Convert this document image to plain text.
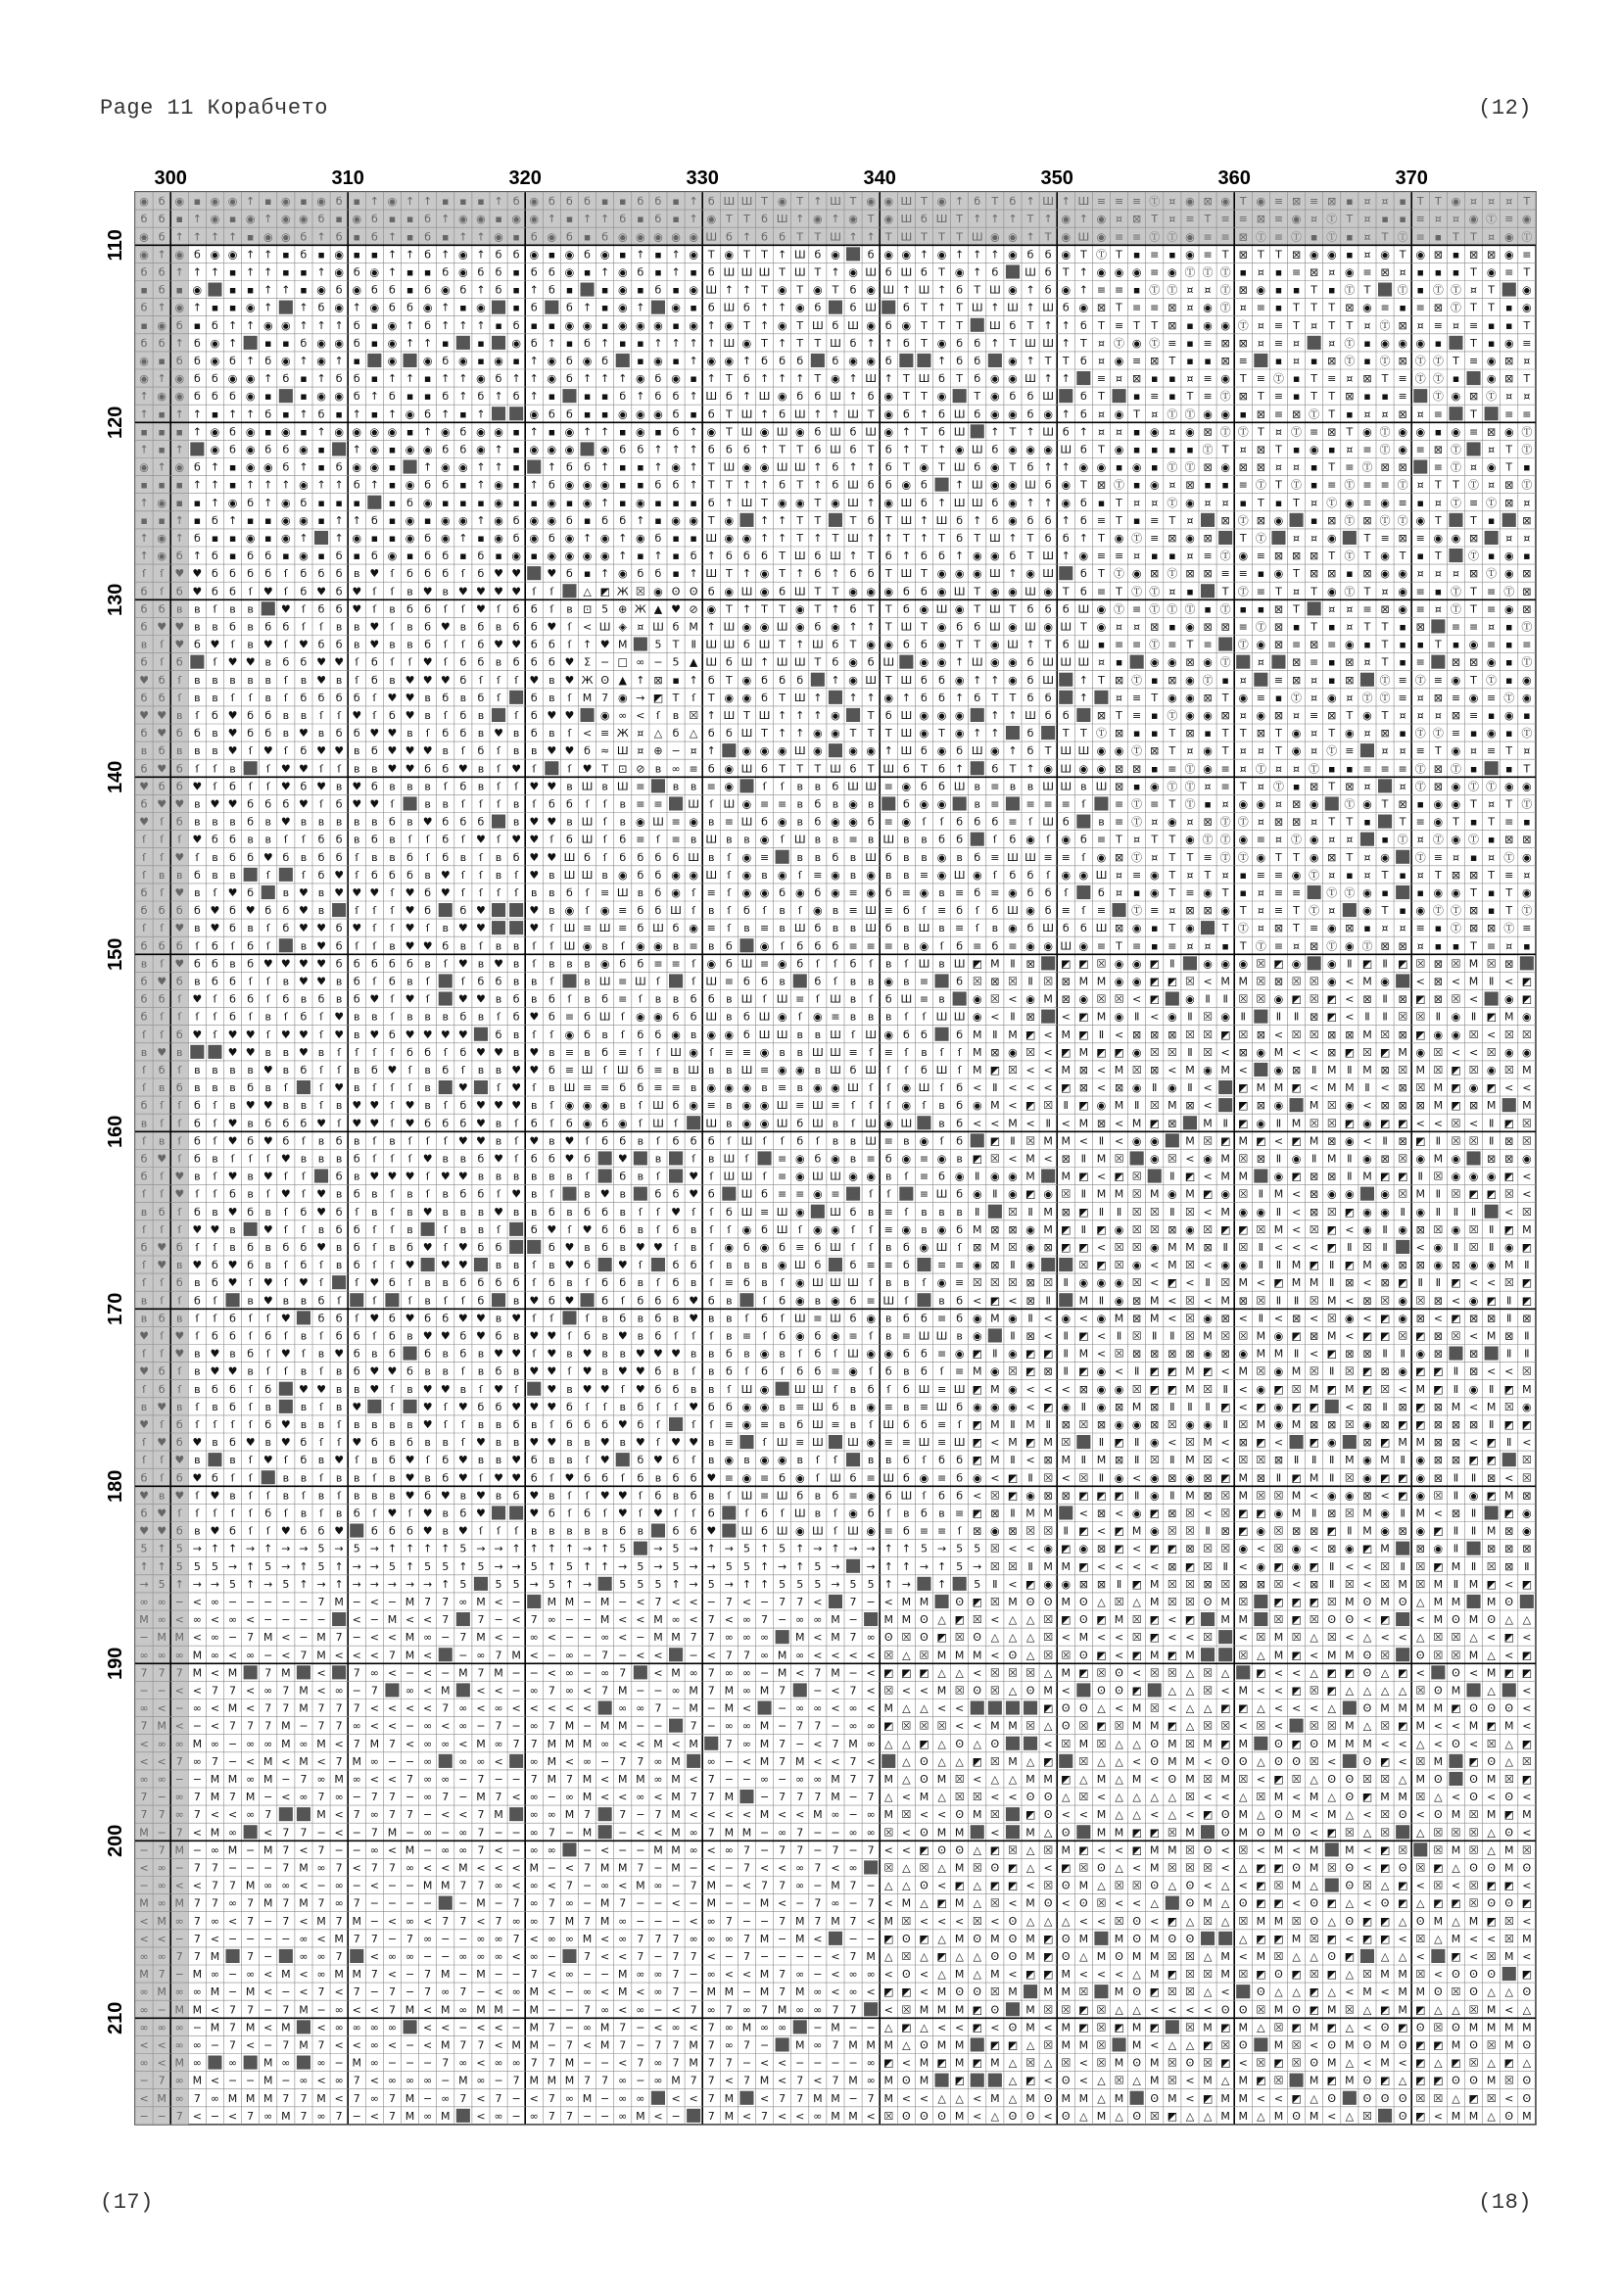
Page 11 Корабчето	(12)
◉ б ◉ ▪ ◉ ◉ ↑ ▪ ◉ ▪ ◉ б ▪ ↑ ◉ ↑ ↑ ▪ ▪ ▪ ↑ б ◉ б б б ▪ ▪ б б ▪ ↑ б Ш Ш Т ◉ Т ↑ Ш Т ◉ ◉ Ш Т ◉ ↑ б Т б ↑ Ш ↑ Ш ≡ ≡ ≡ Ⓣ ¤ ◉ ⊠ ◉ Т ◉ ≡ ⊠ ≡ ⊠ ▪ ¤ ¤ ▪ Т Т ◉ ¤ ¤ ¤ Т
б б ▪ ↑ ◉ ▪ ◉ ↑ ◉ ◉ б ▪ ◉ б ▪ ▪ б ↑ ◉ ◉ ▪ ◉ ◉ ↑ ▪ ↑ ↑ б ▪ б ▪ ↑ ◉ Т Т б Ш ↑ ◉ ↑ ◉ Т ◉ Ш б Ш Т ↑ ↑ ↑ Т ↑ ◉ ↑ ◉ ¤ ⊠ Т ¤ ≡ Т ≡ ≡ ⊠ ≡ ◉ ¤ Ⓣ Т ¤ ▪ ▪ ≡ ¤ ¤ ◉ Ⓣ ≡ ◉
◉ б ↑ ↑ ↑ ↑ ▪ ◉ ◉ б ↑ б ▪ б ↑ ▪ б ▪ ↑ ↑ ◉ ▪ б ◉ б ▪ б ◉ ◉ ◉ ◉ ◉ Ш б ↑ б б Т Т Ш ↑ ↑ Т Ш Т Т Т Ш ◉ ◉ ↑ Т ◉ Ш ◉ ≡ ≡ Ⓣ Ⓣ ◉ ≡ ≡ ⊠ Ⓣ ≡ Ⓣ ▪ Ⓣ ▪ ¤ Т Ⓣ ≡ ▪ Т Т ¤ ◉ Ⓣ
◉ ↑ ◉ б ◉ ◉ ↑ ↑ ▪ б ▪ ◉ ▪ ▪ ↑ ↑ б ↑ ◉ ↑ б б ◉ ▪ ◉ б ◉ ▪ ↑ ▪ ↑ ◉ Т ◉ Т Т ↑ Ш б ◉	б ◉ ◉ ↑ ◉ ↑ ↑ ↑ ◉ б б ◉ Т Ⓣ Т ▪ ≡ ▪ ◉ ≡ Т ⊠ Т Т ⊠ ◉ ◉ ▪ ¤ ◉ Т ◉ ⊠ ▪ ⊠ ⊠ ◉ ≡
б б ↑ ↑ ↑ ▪ ↑ ↑ ▪ ▪ ↑ ◉ б ◉ ↑ ▪ ▪ б ◉ б б ▪ б б ◉ ▪ ↑ ◉ б ▪ ↑ ▪ б Ш Ш Ш Т Ш Т ↑ ◉ Ш б Ш б Т ◉ ↑ б Ш б Т ↑ ◉ ◉ ◉ ≡ ◉ Ⓣ Ⓣ Ⓣ ▪ ¤ ▪ ≡ ⊠ ¤ ◉ ≡ ⊠ ¤ ▪ ▪ ▪ Т ◉ ≡ Т
▪ б ▪ ◉	▪ ▪ ↑ ↑ ▪ ◉ б ◉ б б ▪ б ◉ б ↑ б ▪ ↑ б ▪	▪ ◉ ▪ б ▪ ◉ Ш ↑ ↑ Т ◉ Т ◉ Т б ◉ Ш ↑ Ш ↑ б Т Ш ◉ ↑ б ◉ ↑ ≡ ≡ ▪ Ⓣ Ⓣ ¤ ¤ Ⓣ ⊠ ◉ ▪ ▪ Т ▪ Ⓣ Т Ⓣ ▪ Ⓣ Ⓣ ¤ Т	◉
б ↑ ◉ ↑ ▪ ▪ ◉ ↑ ↑ б ◉ ↑ ◉ б б ◉ ↑ ▪ ◉	▪ б	б ↑ ▪ ◉ ↑ ◉ ▪ б Ш б ↑ ↑ ◉ б	б Ш б Т ↑ Т Ш ↑ Ш ↑ Ш б ◉ ⊠ Т ≡ ≡ ⊠ ¤ ◉ Ⓣ ¤ ≡ ▪ Т Т Т ⊠ ◉ ≡ ▪ ≡ ⊠ Ⓣ Т Т ▪ ◉
▪ ◉ б ▪ б ↑ ↑ ◉ ◉ ↑ ↑ ↑ б ▪ ◉ ↑ б ↑ ↑ ↑ ▪ б ▪ ▪ ◉ ◉ ▪ ◉ ◉ ◉ ▪ ◉ ↑ ◉ Т ↑ ◉ Т Ш б Ш ◉ б ◉ Т Т Т Ш б Т ↑ ↑ б Т ≡ Т Т ⊠ ▪ ◉ ◉ Ⓣ ¤ ≡ Т ¤ Т Т ¤ Ⓣ ⊠ ¤ ≡ ¤ ≡ ▪ ▪ Т
б б ↑ б ◉ ↑	▪ ▪ б ◉ ◉ б ▪ ◉ ↑ ↑ ▪	▪	◉ б ↑ ▪ б ↑ ▪ ▪ ↑ ↑ ↑ ↑ Ш ◉ Т ↑ Т Т Ш б ↑ ↑ б Т ◉ б б ↑ Т Ш Ш ↑ Т ¤ Ⓣ ◉ Ⓣ ≡ ▪ ≡ ⊠ ⊠ ¤ ≡ ¤	¤ Ⓣ ▪ ◉ ◉ ◉ ▪	Т ▪ ◉ ≡
◉ ▪ б б ◉ б ↑ б ◉ ↑ ◉ ↑ ▪	◉ ◉ б ◉ ▪ ◉ ▪ ↑ ◉ б ◉ б	▪ ◉ ▪ ↑ ◉ ◉ ↑ б б б	б ◉ ◉ б	↑ б б	◉ ↑ Т Т б ¤ ◉ ≡ ⊠ Т ▪ ▪ ⊠ ≡	▪ ¤ ▪ ⊠ Ⓣ ▪ Ⓣ ⊠ Ⓣ Ⓣ Т ≡ ◉ ⊠ ¤
◉ ↑ ◉ б б ◉ ◉ ↑ б ▪ ↑ б б ▪ ↑ ↑ ▪ ↑ ↑ ◉ б ↑ ↑ ◉ б ↑ ↑ ↑ ◉ б ◉ ▪ ↑ Т б ↑ ↑ ↑ Т ◉ ↑ Ш ↑ Т Ш б Т б ◉ ◉ Ш ↑ ↑ ≡ ¤ ⊠ ▪ ▪ ¤ ≡ ◉ Т ≡ Ⓣ ▪ Т ≡ ¤ ⊠ Т ≡ Ⓣ Ⓣ ▪	◉ ⊠ Т
↑ ◉ ◉ б б б ◉ ▪	▪ ◉ ◉ б ↑ б ▪ ▪ б ↑ б ↑ б ↑ ▪	▪ ▪ б ↑ б б ↑ Ш б ↑ Ш ◉ б б Ш ↑ б ◉ Т Т ◉	Т ◉ б б Ш б Т	▪ ≡ ▪ Т ≡ Ⓣ ⊠ Т ≡ ▪ Т Т ⊠ ▪ ▪ ≡ Ⓣ ◉ ⊠ Ⓣ ¤ ¤
↑ ▪ ↑ ↑ ▪ ↑ ↑ б ▪ ↑ б ▪ ↑ ▪ ↑ ◉ б ↑ ▪ ↑	◉ б б ▪ ▪ ◉ ◉ ◉ б ▪ б Т Ш ↑ б Ш ↑ ↑ Ш Т ◉ б ↑ б Ш б ◉ ◉ б ◉ ↑ б ¤ ◉ Т ¤ Ⓣ Ⓣ ◉ ◉ ▪ ⊠ ≡ ⊠ Ⓣ Т ▪ ¤ ¤ ⊠ ¤ ≡	Т	≡ ≡
▪ ▪ ▪ ↑ ◉ б ◉ ▪ ◉ ▪ ↑ ◉ ◉ ◉ ◉ ▪ ↑ ◉ б ◉ ◉ ▪ ↑ ▪ ◉ ↑ ↑ ▪ ◉ ▪ б ↑ ◉ Т Ш ◉ Ш ◉ б Ш б Ш ◉ ↑ Т б Ш ↑ Т ↑ Ш б ↑ ¤ ¤ ▪ ◉ ¤ ◉ ⊠ Ⓣ Ⓣ Т ¤ Ⓣ ≡ ⊠ Т ◉ Ⓣ ◉ ◉ ▪ ◉ ≡ ⊠ ◉ Ⓣ
↑ ▪ ↑ ◉ б ◉ б б ◉ ▪	↑ ◉ ▪ ◉ ◉ б б ◉ ↑ ▪ ◉ ◉ ◉ ◉ б б ↑ ↑ ↑ б б б ↑ Т Т б Ш б Т б ↑ Т ↑ ◉ Ш б ◉ ◉ ◉ Ш б Т ◉ ▪ ▪ ▪ ▪ Ⓣ Т ¤ ⊠ Т ▪ ◉ ▪ ¤ ≡ Ⓣ ◉ ≡ ⊠ Ⓣ ¤ Т Ⓣ
◉ ↑ ◉ б ↑ ▪ ◉ ◉ б ↑ ▪ б ◉ ◉ ▪	↑ ◉ ◉ ↑ ↑ ▪	↑ б б ↑ ▪ ▪ ↑ ◉ ↑ Т Ш ◉ ◉ Ш Ш ↑ б ↑ ↑ б Т ◉ Т Ш б ◉ Т б ↑ ↑ ◉ ◉ ▪ ◉ ▪ Ⓣ Ⓣ ⊠ ◉ ⊠ ⊠ ¤ ¤ ▪ Т ≡ Ⓣ ⊠ ⊠ ≡ Ⓣ ¤ ◉ Т ▪
▪ ▪ ▪ ↑ ↑ ▪ ↑ ↑ ↑ ◉ ↑ ↑ б ↑ ▪ ◉ б б ▪ ↑ ◉ ▪ ↑ б ◉ ◉ ◉ ▪ ▪ б б ↑ Т Т ↑ ↑ б Т ↑ б Ш б б ◉ б	↑ Ш ◉ ◉ Ш б ◉ Т ⊠ Ⓣ ▪ ◉ ¤ ⊠ ▪ ▪ ≡ Ⓣ Т Ⓣ ▪ ≡ Ⓣ ≡ ≡ Ⓣ ¤ Т Т Ⓣ ¤ ⊠ Ⓣ
↑ ◉ ▪ ▪ ↑ ◉ б ↑ ◉ б ▪ ▪ ▪	▪ б ◉ ▪ ▪ ▪ ◉ ▪ ▪ ◉ ▪ ◉ ↑ ▪ ◉ ▪ ▪ ▪ б ↑ Ш Т ◉ ◉ Т ◉ Ш ↑ ◉ Ш б ↑ Ш Ш б ◉ ↑ ↑ ◉ б ▪ Т ¤ ¤ Ⓣ ◉ ¤ ¤ ▪ Т ▪ Т ¤ Ⓣ ◉ ≡ ◉ ≡ ▪ ¤ Ⓣ ≡ Ⓣ ⊠ ¤
▪ ▪ ↑ ▪ б ↑ ▪ ▪ ◉ ◉ ▪ ↑ ↑ б ▪ ◉ ▪ ◉ ◉ ↑ ◉ б ◉ ◉ б ▪ б б ↑ ▪ ◉ ◉ Т ◉ ↑ ↑ Т Т	Т б Т Ш ↑ Ш б ↑ б ◉ б б ↑ б ≡ Т ▪ ≡ Т ¤	⊠ Ⓣ ⊠ ◉	▪ ⊠ Ⓣ ⊠ Ⓣ Ⓣ ◉ Т	Т ▪	⊠
↑ ◉ ↑ б ▪ ▪ ◉ ▪ ◉ ↑ ↑ ◉ ▪ ▪ ◉ б ◉ ↑ ▪ ◉ б ◉ б ◉ ↑ ◉ ↑ ◉ б ▪ ▪ Ш ◉ ◉ ↑ ↑ Т ↑ Т Ш ↑ ↑ Т ↑ Т б Т Ш ↑ Т б б ↑ Т ◉ Ⓣ ≡ ⊠ ◉ ⊠	Т Ⓣ ¤ ¤ ◉	Т ≡ ⊠ ≡ ◉ ◉ ⊠	¤ ¤
↑ ◉ б ↑ б ▪ б б ▪ ◉ ▪ б ▪ б ◉ ▪ б б ▪ б ▪ ◉ ▪ ◉ ◉ ◉ ◉ ↑ ▪ ↑ ▪ б ↑ б б б Т Ш б Ш ↑ Т б ↑ б б ↑ ◉ ◉ б Т Ш ↑ ◉ ≡ ≡ ¤ ▪ ▪ ¤ ≡ Ⓣ ◉ ≡ ⊠ ⊠ ⊠ Т Ⓣ Т ◉ Т ▪ Т Ⓣ ▪ ◉ ▪
ſ ſ ♥ ♥ б б б б ſ б б б в ♥ ſ б б б ſ б ♥ ♥ ♥ б ▪ ↑ ◉ б б ▪ ↑ Ш Т ↑ ◉ Т ↑ б ↑ б б Т Ш Т ◉ ◉ ◉ Ш ↑ ◉ Ш б Т Ⓣ ◉ ⊠ Ⓣ ⊠ ⊠ ≡ ≡ ▪ ◉ Т ⊠ ⊠ ▪ ⊠ ◉ ◉ ¤ ¤ ¤ ⊠ Ⓣ ◉ ⊠
б ſ б ♥ б б ſ ♥ ſ б ♥ б ♥ ſ ſ в ♥ в ♥ ♥ ♥ ♥ ſ ſ	△ ◩ Ж ☒ ◉ Ꙩ Ꙩ б ◉ Ш ◉ б Ш Т Т ◉ ◉ ◉ б б ◉ Ш Т ◉ ◉ Ш ◉ Т б ≡ Т Ⓣ Ⓣ ¤ ▪	Т Ⓣ ≡ Т ¤ Т ◉ Ⓣ Т ¤ ◉ ≡ ▪ Ⓣ Т ≡ Ⓣ ⊠
б б в в ſ в в	♥ ſ б б ♥ ſ в б б ſ ſ ♥ ſ б б ſ в ⊡ 5 ⊕ Ж ▲ ♥ ⊘ ◉ Т ↑ Т Т ◉ Т ↑ б Т Т б ◉ Ш ◉ Т Ш Т б б б Ш ◉ Ⓣ ≡ Ⓣ Ⓣ Ⓣ ▪ Ⓣ ▪ ▪ ⊠ Т	¤ ¤ ≡ ⊠ ◉ ≡ ¤ Ⓣ Т ≡ ◉ ⊠
б ♥ ♥ в в б в б б ſ ſ в в ♥ ſ в б ♥ в б в б б ♥ ſ < Ш ◈ ¤ Ш б M ↑ Ш ◉ ◉ Ш ◉ б ◉ ↑ ↑ Т Ш Т ◉ б б Ш ◉ Ш ◉ Ш Т ◉ ¤ ¤ ⊠ ▪ ◉ ⊠ ⊠ ≡ Ⓣ ⊠ ▪ Т ▪ ¤ Т Т ▪ ⊠ ≡ ≡ ¤ ▪ Ⓣ
в ſ ♥ б ♥ ſ в ♥ ſ ♥ б б в ♥ в в б ſ ſ б ♥ ♥ б б ſ ↑ ♥ M	5 Т Ⅱ Ш Ш б Ш Т ↑ Ш б Т ◉ ◉ б б ◉ Т Т ◉ Ш ↑ Т б Ш ▪ ≡ ≡ Ⓣ ≡ Т ≡ Ⓣ ◉ ⊠ ≡ ⊠ ≡ ◉ ▪ Т ▪ ▪ Т ▪ ◉ ≡ ▪ ≡
б ſ б	ſ ♥ ♥ в б б ♥ ♥ ſ б ſ ſ ♥ ſ б б в б б б ♥ Σ − □ ∞ − 5 ▲ Ш б Ш ↑ Ш Ш Т б ◉ б Ш ◉ ◉ ↑ Ш ◉ ◉ б Ш Ш Ш ¤ ▪	◉ ◉ ⊠ ◉ Ⓣ ¤	⊠ ≡ ▪ ⊠ ¤ Т ▪ ≡ ⊠ ⊠ ◉ ▪ Ⓣ
♥ б ſ в в в в в ſ в ♥ в ſ б в ♥ ♥ ♥ б ſ ſ ſ ♥ в ♥ Ж Ꙩ ▲ ↑ ⊠ ▪ ↑ б Т ◉ б б б	↑ ◉ Ш Т Ш б б ◉ ↑ ↑ ◉ б Ш ↑ Т ⊠ Ⓣ ▪ ⊠ ◉ Ⓣ ▪ ¤	≡ ⊠ ¤ ▪ ⊠ Ⓣ ≡ Ⓣ ≡ ◉ Т Ⓣ ▪ ◉
б б ſ в в ſ ſ в ſ б б б б ſ ♥ ♥ в б в б ſ	б в ſ M 7 ◉ → ◩ Т ſ Т ◉ ◉ б Т Ш ↑ ↑ ↑ ◉ ↑ б б ↑ б Т Т б б	↑	¤ ≡ Т ◉ ◉ ⊠ Т ◉ ≡ ▪ Ⓣ ¤ ◉ ¤ Ⓣ Ⓣ ≡ ¤ ⊠ ≡ ◉ ≡ Ⓣ ◉
♥ ♥ в ſ б ♥ б б в в ſ ſ ♥ ſ б ♥ в ſ б в	ſ б ♥ ♥ ◉ ∞ < ſ в ☒ ↑ Ш Т Ш ↑ ↑ ↑ ◉	Т б Ш ◉ ◉ ◉ ↑ ↑ Ш б б	⊠ Т ≡ ▪ Ⓣ ◉ ◉ ⊠ ¤ ◉ ⊠ ¤ ≡ ⊠ Т ◉ Т ¤ ¤ ¤ ⊠ ≡ ▪ ◉ ▪
б ♥ б б в ♥ б б в ♥ в б б ♥ ♥ в ſ б б в ♥ в б в ſ < ≡ Ж ¤ △ б △ б б Ш Т ↑ ↑ ◉ ◉ Т Т Т Ш ◉ Т ◉ ↑ ↑	б	Т Т Ⓣ ⊠ ▪ ▪ Т ⊠ ▪ Т Т ⊠ Т ◉ ¤ Т ◉ ¤ ⊠ ▪ Ⓣ Ⓣ ≡ ▪ ◉ ▪ Ⓣ
в б в в в ♥ ſ ♥ ſ б ♥ ♥ в б ♥ ♥ ♥ в ſ б ſ в в ♥ ♥ б ≈ Ш ¤ ⊕ − ¤ ↑ ◉ ◉ ◉ Ш ◉ ◉ ◉ ↑ Ш б ◉ б Ш ◉ ↑ б Т Ш Ш ◉ ◉ Ⓣ ⊠ Т ¤ ◉ Т ¤ ¤ Т ◉ ¤ Ⓣ ≡	¤ ¤ ≡ Т ◉ ¤ ≡ Т ¤
б ♥ б ſ ſ в	ſ ♥ ♥ ſ ſ в в ♥ ♥ б б ♥ в ſ ♥ ſ	ſ ♥ Т ⊡ ⊘ в ∞ ≡ б ◉ Ш б Т Т Т Ш б Т Ш б Т б ↑	б Т ↑ ◉ Ш ◉ ◉ ⊠ ⊠ ▪ ≡ Ⓣ ◉ ≡ ¤ Ⓣ ¤ ¤ Ⓣ ▪ ▪ ≡ ≡ ≡ Ⓣ ⊠ Ⓣ ▪	▪ Т
♥ б б ♥ ſ б ſ ſ ♥ б ♥ в ♥ б в в в ſ б в ſ ſ ♥ ♥ в Ш в Ш ≡	в в ≡ ◉	ſ ſ в в б Ш Ш ≡ ◉ б б Ш в ≡ в в Ш Ш в Ш ⊠ ▪ ◉ Ⓣ Ⓣ ¤ ≡ Т ¤ Ⓣ ▪ ⊠ Т ⊠ ¤	¤ Ⓣ ⊠ ◉ Ⓣ Ⓣ ◉ ◉
б ♥ ♥ в ♥ ♥ б б б ♥ ſ б ♥ ♥ ſ	в в ſ ſ ſ в ſ б б ſ ſ в ≡ ≡ Ш ſ Ш ◉ ≡ ≡ в б в ◉ в	б ◉ ◉	в ≡ ≡ ≡ ≡ ſ	≡ Ⓣ ≡ Т Ⓣ ▪ ¤ ◉ ◉ ¤ ⊠ ◉ Ⓣ ◉ Т ⊠ ▪ ◉ ◉ Т ¤ Т Ⓣ
♥ ſ б в в в б в ♥ в в в в в б в ♥ б б б	в ♥ ♥ в Ш ſ в ◉ Ш ≡ ◉ в ≡ Ш б ◉ в б ◉ ◉ б ≡ ◉ ſ ſ б б б ≡ ſ Ш б	в ≡ Ⓣ ¤ ◉ ¤ ⊠ Ⓣ Ⓣ ¤ ⊠ ⊠ ¤ Т Т ▪	Т ≡ ◉ Т ▪ Т ≡ ▪
ſ ſ ſ ♥ б б в в ſ ſ б б в б в ſ ſ б ſ ♥ ſ ♥ ♥ ſ б Ш ſ б ≡ ſ ≡ в Ш в в ◉ ſ Ш в в ≡ в Ш в в б б	ſ б ◉ ſ ◉ б ≡ Т ¤ Т Т ◉ Ⓣ Ⓣ ◉ ≡ ¤ Ⓣ ◉ ¤ ¤	▪ Ⓣ ¤ Ⓣ ◉ Ⓣ ▪ ⊠ ⊠
ſ ſ ♥ ſ в б б ♥ б в б б ſ в в б ſ б в ſ в б ♥ ♥ Ш б ſ б б б б Ш в ſ ◉ ≡	в в б в Ш б в в ◉ в б ≡ Ш Ш ≡ ≡ ſ ◉ ⊠ Ⓣ ¤ Т Т ≡ Ⓣ Ⓣ ◉ Т Т ◉ ⊠ Т ¤ ◉ Ⓣ ≡ ¤ ▪ ¤ Ⓣ ◉
ſ в в б в в	ſ	ſ б ♥ ſ б б б в ♥ ſ ſ в ſ ♥ в Ш Ш в ◉ б б ◉ ◉ Ш ſ ◉ в ◉ ſ ≡ ◉ в ◉ в в ≡ ◉ Ш ◉ ſ б б ſ ◉ ◉ Ш ¤ ≡ ◉ Т ¤ Т ¤ ▪ ≡ ≡ ◉ Ⓣ ¤ ▪ ¤ Т ▪ ¤ Т ⊠ ⊠ Т ≡ ¤
б ſ ♥ в ſ ♥ б	в ♥ в ♥ ♥ ♥ ſ ♥ б ♥ ſ ſ ſ ſ в в б ſ ≡ Ш в б ◉ ſ ≡ ſ ◉ ◉ б ◉ б ◉ ≡ ◉ б ≡ ◉ в ≡ б ≡ ◉ б б ſ	б ¤ ▪ ◉ Т ≡ ◉ Т ▪ ¤ ≡ ≡ Ⓣ Ⓣ ◉ ▪	▪ ◉ ◉ Т ▪ Т ◉
б б б б ♥ б ♥ б б ♥ в	ſ ſ ſ ♥ б	б ♥	♥ в ◉ ſ ◉ ≡ б б Ш ſ в ſ б ſ в ſ ◉ в ≡ Ш ≡ б ſ ≡ б ſ б Ш ◉ б ≡ ſ ≡ Ⓣ ≡ ¤ ⊠ ⊠ ◉ Т ¤ ≡ Т Ⓣ ¤	◉ Т ▪ ◉ Ⓣ Ⓣ ⊠ ▪ Т Ⓣ
ſ ſ ♥ в ♥ б в ſ б ♥ ♥ б ♥ ſ ſ ♥ ſ в ♥ ♥	♥ ſ Ш ≡ Ш ≡ б Ш б ◉ ≡ ſ в ≡ в Ш б в в Ш б в Ш в ≡ ſ в ◉ б Ш б б Ш ⊠ ◉ ▪ Т ◉	Т Ⓣ ¤ ⊠ Т ≡ ◉ ⊠ ▪ ¤ ¤ ≡ ▪ Ⓣ ⊠ ⊠ Ⓣ ≡
б б б ſ б ſ б ſ	в ♥ б ſ ſ в ♥ ♥ б в ſ в в ſ ſ Ш ◉ в ſ ◉ ◉ в ≡ в б	◉ ſ б б б ≡ ≡ ≡ в ◉ ſ б ≡ б ≡ ◉ ◉ Ш ◉ ≡ Т ≡ ▪ ≡ ¤ ¤ ▪ Т Ⓣ ≡ ¤ ⊠ Ⓣ ◉ Ⓣ ⊠ ⊠ ¤ ▪ ▪ Т ≡ ¤ ▪
в ſ ♥ б б в б ♥ ♥ ♥ ♥ б б б б б в ſ ♥ в ♥ в ſ в в в ◉ б б ≡ ≡ ſ ◉ б Ш ≡ ◉ б ſ ſ б ſ в ſ Ш в Ш ◩ M Ⅱ ⊠ ◩ ◩ ☒ ◉ ◉ ◩ Ⅱ	◉ ◉ ◉ ☒ ◩ ◉ ◉ Ⅱ ◩ Ⅱ ◩ ☒ ⊠ ☒ M ☒ ⊠
б ♥ б в б б ſ ſ в ♥ ♥ в б ſ б в ſ	ſ б б в в ſ	в Ш ≡ Ш ſ	ſ Ш ≡ б б в	б ſ в в ◉ в ≡	б ☒ ⊠ ☒ Ⅱ ☒ ⊠ M M ◉ ◉ ◩ ◩ ☒ < M M ☒ ⊠ ☒ ☒ ◉ < M ◉ < ⊠ < M Ⅱ < ◩
б б ſ ♥ ſ б б ſ б в б в б ♥ ſ ♥ ſ	♥ ♥ в б в б ſ в б ≡ ſ в в б б в Ш ſ Ш ≡ ſ Ш в ſ б Ш ≡ в	◉ ☒ < ◉ M ⊠ ◉ ☒ ☒ < ◩ ◉ Ⅱ Ⅱ ☒ ☒ ◉ ◩ ☒ ◩ < ⊠ Ⅱ ⊠ ◩ ⊠ ☒ < ◉ ◩
б ſ ſ ſ ſ б ſ в ſ б ſ ♥ в в ſ в в в б в ſ б ♥ б ≡ б Ш ſ ◉ ◉ б б Ш в б Ш ◉ ſ ◉ ≡ в в в ſ ſ Ш Ш ◉ < Ⅱ ⊠ < ◩ M ◉ Ⅱ < ◉ Ⅱ ☒ ◉ Ⅱ	Ⅱ Ⅱ ⊠ ◩ < Ⅱ Ⅱ ☒ ☒ Ⅱ ◉ Ⅱ ◩ M ◉
ſ ſ б ♥ ſ ♥ ♥ ſ ♥ ♥ ſ ♥ в ♥ б ♥ ♥ ♥ ♥	б в ſ ſ ◉ б в ſ б б ◉ в ◉ ◉ б Ш Ш в в Ш ſ Ш ◉ б б	б M Ⅱ M ◩ < M ◩ Ⅱ < ⊠ ⊠ ⊠ ☒ ☒ ◩ ☒ ⊠ < ☒ ☒ ⊠ ⊠ M ☒ ⊠ ◩ ◉ ◉ ☒ < ☒ ☒
в ♥ в	♥ ♥ в в ♥ в ſ ſ ſ ſ б б ſ б ♥ ♥ в ♥ в ≡ в б ≡ ſ ſ Ш ◉ ſ ≡ ≡ ◉ в в Ш Ш ≡ ſ ≡ ſ в ſ ſ M ⊠ ◉ ☒ < ◩ M ◩ ◩ ◉ ☒ ☒ Ⅱ ☒ < ⊠ ◉ M < < ⊠ ◩ ☒ ◩ M ◉ ☒ < < ☒ ◉ ◉
ſ б ſ в в в в ♥ в б ſ ſ в б ♥ ſ в б ſ в в ♥ ♥ б ≡ Ш ſ Ш б ≡ в Ш в в Ш ≡ ◉ ◉ в Ш б Ш ſ ſ б Ш ſ M ◩ ☒ < < M ⊠ < M ☒ ⊠ < M ◉ M < ◉ ⊠ Ⅱ M Ⅱ M ⊠ ☒ M ☒ ◩ ☒ ◉ ☒ M
ſ в б в в в б в ſ	ſ ♥ в ſ ſ ſ в	♥	ſ ♥ ſ в Ш ≡ ≡ б б ≡ ≡ в ◉ ◉ ◉ в ≡ в ◉ ◉ Ш ſ ſ ◉ Ш ſ б < Ⅱ < < < ◩ ⊠ < ⊠ ◉ Ⅱ ◉ Ⅱ < ◩ M M ◩ < M M Ⅱ < ⊠ ☒ M ◩ ◉ ◩ < <
б ſ ſ б ſ в ♥ ♥ в в ſ в ♥ ♥ ſ ♥ в ſ б ♥ ♥ ♥ в ſ ◉ ◉ ◉ в ſ Ш б ◉ ≡ в ◉ ◉ Ш ≡ Ш ≡ ſ ſ ſ ◉ ſ в б ◉ M < ◩ ☒ Ⅱ ◩ ◉ M Ⅱ ☒ M ⊠ < ◩ ⊠ ◉ M ☒ ◉ < ⊠ ⊠ ⊠ M ◩ ⊠ M M
в ſ ſ б ſ ♥ в б б б ♥ ſ ♥ ♥ ſ ♥ б б б ♥ в ſ б ſ б ◉ б ◉ ſ Ш ſ	Ш в ◉ ◉ Ш б Ш в ſ Ш ◉ Ш в б < < M < Ⅱ < M ⊠ < M ◩ ⊠ M Ⅱ ◩ ◉ Ⅱ M ☒ ☒ ◩ ◉ ◩ ◩ < < ☒ < Ⅱ ◩ ☒
ſ в ſ б ſ ♥ б ♥ б ſ в б в ſ в ſ ſ ſ ♥ ♥ в ſ ♥ в ♥ ſ б б в ſ б б б ſ Ш ſ ſ б ſ в в Ш ≡ в ◉ ſ б	◩ Ⅱ ☒ M M < Ⅱ < ◉ ◉ M ☒ ◩ M ◩ < ◩ M ⊠ ◉ < Ⅱ ⊠ ◩ Ⅱ ☒ ☒ Ⅱ ⊠ ☒
б ♥ ſ б в ſ ſ ſ ♥ в в в б ſ ſ ſ ♥ в в б ♥ ſ б б ♥ б	♥	в	ſ в Ш ſ	≡ ◉ б ◉ в ≡ б ◉ ≡ ◉ в ◩ ☒ < M < ⊠ Ⅱ M ☒ ◉ ☒ < ◉ M ☒ ⊠ Ⅱ ◉ Ⅱ M Ⅱ ◉ ⊠ ☒ ◉ M ◉ ⊠ ⊠ ◉
б ſ ♥ в ſ ♥ в ♥ ſ ſ	б в ♥ ♥ ♥ ſ ♥ ♥ в в в в в в ſ	б в ſ	♥ ſ Ш Ш ſ ≡ ◉ Ш Ш ◉ ◉ в ſ ≡ б ◉ Ⅱ ◉ ◉ M M ◩ < ◩ ☒	Ⅱ ◩ < M M ◉ ◩ ⊠ ⊠ Ⅱ M ◩ ◩ Ⅱ ☒ ◉ ◉ ◉ ◩ <
ſ ſ ♥ ſ ſ б в ſ ♥ ſ ♥ в б в ſ в ſ в б б ſ ♥ в ſ	в ♥ в	б б ♥ б Ш б ≡ ≡ ◉ ≡	ſ ſ	≡ Ш б ◉ Ⅱ ◉ ◩ ◉ ☒ Ⅱ M M ☒ M ◉ M ◩ ◉ ☒ Ⅱ M < ⊠ ◉ ◉ ◉ ☒ M Ⅱ ☒ ◩ ◩ ☒ <
в б ſ б в ♥ б в ſ б ♥ б ſ в ſ в ♥ в в в ♥ в в б в б б в ſ ſ ♥ ſ ſ б Ш ≡ Ш ◉ Ш б в ≡ ſ в в в Ⅱ	☒ Ⅱ M ⊠ ◩ Ⅱ Ⅱ ☒ ☒ Ⅱ ☒ < M ◉ ◉ Ⅱ < ⊠ ☒ ◩ ◉ ◉ Ⅱ ◉ Ⅱ Ⅱ Ⅱ	< ☒
ſ ſ ſ ♥ ♥ в	♥ ſ ſ в б б ſ ſ в	ſ в в ſ	б ♥ ſ ♥ б б в ſ б в ſ ſ ◉ б Ш ſ ◉ ◉ ſ ſ ≡ ◉ в ◉ б M ⊠ ⊠ ◉ M ◩ Ⅱ ◩ ◉ ☒ ☒ ⊠ ◉ ☒ ◩ ◩ ☒ M < ☒ ◩ < ◉ Ⅱ ◉ ⊠ ☒ ◉ ☒ Ⅱ ◩ M
б ♥ б ſ ſ в б в б б ♥ в б ſ в б ♥ ſ ♥ б б	б ♥ в б в ♥ ♥ ſ в ſ ◉ б ◉ б ≡ б Ш ſ ſ в б ◉ Ш ſ ⊠ M ☒ ◉ ⊠ ◩ ◩ < ☒ ☒ ◉ M M ⊠ Ⅱ ☒ Ⅱ < < < ◩ Ⅱ ☒ Ⅱ	< ◉ Ⅱ ☒ Ⅱ ◉ ◩
ſ ♥ в ♥ б ♥ б в ſ б ſ в б ſ ſ ♥ ♥ ♥	в в ſ в ♥ б	♥ ſ	б б ſ в в в ◉ Ш б	б ≡ ≡ б	≡ ≡ ◉ ⊠ Ⅱ ◉	☒ ◩ ☒ ◉ < M ☒ < ◉ ◉ Ⅱ Ⅱ M ◩ Ⅱ ◩ M ◉ ⊠ ⊠ ◉ ⊠ ◉ ◉ M Ⅱ
ſ ſ б в б ♥ ſ ♥ ſ ♥ ſ	ſ ♥ б ſ в в б б б б ſ б в ſ б б в ſ б в ſ ≡ б в ſ ◉ Ш Ш Ш ſ в в ſ ◉ ≡ ☒ ☒ ☒ ⊠ ☒ Ⅱ ◉ ◉ ◉ ☒ < ◩ < Ⅱ ☒ M < ◩ M M Ⅱ ⊠ < ⊠ ◩ Ⅱ Ⅱ ◩ < < ☒ ◩
в ſ ſ б ſ	в ♥ в в б ſ	ſ	ſ в ſ ſ б	в ♥ б ♥	б ſ б б б ♥ б в	ſ б ◉ в ◉ б ≡ Ш ſ	в б < ◩ < ⊠ Ⅱ	M Ⅱ ◉ ⊠ M < ☒ < M ⊠ ☒ Ⅱ Ⅱ ☒ M < ⊠ ☒ ◉ ☒ ⊠ < ◉ ◩ Ⅱ ◩
в б в ſ ſ б ſ ſ ♥	б б ſ ♥ б ♥ б б ♥ ♥ в ♥ ſ ſ	ſ в б в б в ♥ в в ſ б ſ Ш ≡ Ш б ◉ в б б ≡ б ◉ M ◉ Ⅱ < ◉ < ◉ M ⊠ M < ☒ ◉ ⊠ < Ⅱ < ⊠ < ☒ ◉ < ◩ ◉ ⊠ < ◩ ⊠ ⊠ Ⅱ ⊠
♥ ſ ♥ ſ б б ſ б ſ в ſ б б ſ б в ♥ ♥ б ♥ б в ♥ ♥ ſ б в ♥ в б ſ ſ ſ в ≡ ſ б ◉ б ◉ ≡ ſ в ≡ Ш Ш в ◉	Ⅱ ⊠ < Ⅱ ◩ < Ⅱ ☒ Ⅱ Ⅱ ☒ M ☒ ☒ M ◉ ◩ ⊠ M < ◩ ◩ ☒ ◩ ⊠ ☒ < M ⊠ Ⅱ
ſ ſ ♥ в ♥ в б ſ ♥ ſ в ♥ б в б	б в б в ♥ ♥ ſ ♥ в ♥ в в ♥ ♥ ♥ в в б в ◉ в ſ б ſ Ш ◉ ◉ б б ≡ ◉ ◩ Ⅱ ◉ ◩ ◩ Ⅱ M < ☒ ⊠ ⊠ ⊠ ⊠ ◉ ⊠ ◉ M M Ⅱ < ◩ ⊠ ⊠ Ⅱ Ⅱ ◉ ⊠ ⊠	Ⅱ Ⅱ
♥ б ſ в ♥ ♥ в ſ ſ в ſ в б ♥ ♥ б в в ſ в б в ♥ ♥ ſ ♥ в ♥ ♥ б в ſ в б ſ б ſ б б ≡ ◉ ſ б в б ſ ≡ M ◉ ☒ ◩ ⊠ Ⅱ ◩ ◉ < Ⅱ ◩ ◩ M ◩ < M ☒ ◉ M ☒ Ⅱ ☒ ◩ ⊠ ◉ ◩ ◩ Ⅱ ⊠ < < ☒
ſ б ſ в б б ſ б	♥ ♥ в в ♥ ſ в ♥ ♥ в ſ ♥ ſ	♥ в ♥ ♥ ſ ♥ б б в в ſ Ш ◉ Ш Ш ſ в б ſ б Ш ≡ Ш ◩ M ◉ < < < ⊠ ◉ ◉ ☒ ◩ ◩ M ☒ Ⅱ < ◉ ◩ ☒ M ◩ M ◩ ☒ < M ◩ Ⅱ ◉ Ⅱ ◩ M
в ♥ в ſ в б ſ в	в ſ в ♥	ſ	♥ ſ ♥ б б ♥ ♥ ♥ б ſ ſ в б ſ ſ ♥ б б ◉ ◉ в ≡ Ш б в ◉ ≡ в ≡ Ш б ◉ ◉ ◉ < ◩ ◉ Ⅱ ◉ ⊠ M ⊠ Ⅱ Ⅱ Ⅱ ◩ < ◩ ◉ ◩ ◩ < ⊠ Ⅱ ⊠ ◩ ⊠ M < M ☒ ◉
♥ ſ б ſ ſ ſ ſ б ♥ в в ſ в в в в ♥ ſ ſ в в б в ſ б б б ♥ б ſ	ſ ſ ≡ ◉ ≡ в б Ш ≡ в ſ Ш б б ≡ ſ ◩ M Ⅱ M Ⅱ ⊠ ☒ ⊠ ◉ ◉ ⊠ ☒ ◉ ◉ Ⅱ ☒ M ◉ M ⊠ ⊠ ☒ ◉ ⊠ ◩ ◩ ⊠ ⊠ ⊠ Ⅱ ◩ ◩
ſ ♥ б ♥ в б ♥ в ♥ б ſ ſ ♥ б в б в в ſ ♥ в в ♥ ♥ в в ♥ в ♥ ſ ♥ ♥ в ≡	ſ Ш ≡ Ш Ш ◉ ≡ ≡ Ш ≡ Ш ◩ < M ◩ M ☒	Ⅱ ◩ Ⅱ ◉ < ☒ M < ⊠ ◩ < ◩ ◉ ⊠ ◩ M M ⊠ ⊠ < ◩ Ⅱ <
ſ ſ ♥ в	в ſ ♥ ſ б в ♥ ſ в б ♥ ſ б ♥ в в ♥ б в в ſ ♥	б ♥ б ſ в ◉ в ◉ ◉ в ſ ſ	в в б ſ б б ◩ M Ⅱ < ⊠ M Ⅱ M ⊠ Ⅱ ☒ Ⅱ M ☒ < ☒ ☒ ⊠ Ⅱ Ⅱ Ⅱ M ◉ M Ⅱ ◉ ⊠ ⊠ ◩ ◩ ☒
б ſ б ♥ б ſ ſ	в в ſ в в ſ в ♥ в б ♥ ſ ♥ ♥ б ſ ♥ б б ſ б в б б ♥ ≡ ◉ ≡ б ◉ ſ Ш б ≡ Ш б ◉ ≡ б ◉ < ◩ Ⅱ ☒ < ☒ Ⅱ ◉ < ◉ ⊠ ◉ ⊠ ◩ M ⊠ Ⅱ ◩ M Ⅱ ☒ ◉ ◩ ◩ ◉ ⊠ Ⅱ Ⅱ ⊠ < ☒
♥ в ♥ ſ ♥ в ſ ſ в ſ в ſ в в в ♥ б ♥ в ♥ в б ♥ в ſ ſ ♥ ♥ ſ б в б в ſ Ш ≡ Ш б в б ≡ ◉ б Ш ſ б б < ☒ ◩ ◉ ⊠ ⊠ ◩ ◩ ◩ Ⅱ ◉ Ⅱ M ⊠ ☒ M ☒ ☒ M < ◉ ◉ ⊠ < ◩ ◉ ☒ Ⅱ ◉ ◩ M ⊠
б ♥ ſ ſ ſ ſ ſ б ſ в ſ в б ſ ♥ ſ ♥ в б ♥	♥ б ſ б ſ ♥ ſ ♥ ſ ſ б	ſ б ſ Ш в ſ ◉ б ſ в б в ≡ ◩ ⊠ Ⅱ M M < ⊠ < ◉ ◩ ⊠ ☒ < ☒ ◩ ◩ ◉ M Ⅱ ⊠ ☒ M ◉ Ⅱ M < ⊠ Ⅱ	◩ ◉
♥ ♥ б в ♥ б ſ ſ ♥ б б ♥	б б б ♥ в ♥ ſ ſ ſ в в в в в б в	б б ♥ Ш б Ш ◉ Ш ſ Ш ◉ ≡ б ≡ ≡ ſ ⊠ ◉ ⊠ ☒ ☒ Ⅱ ◩ < ◩ M ◉ ☒ ☒ Ⅱ ⊠ ◩ ◉ ☒ ⊠ ⊠ ◩ Ⅱ M ◉ ⊠ ◉ ◩ Ⅱ Ⅱ M ⊠ ◉
5 ↑ 5 → ↑ ↑ → ↑ → → 5 → 5 → ↑ ↑ ↑ ↑ 5 → → ↑ ↑ ↑ ↑ → ↑ 5	→ 5 → ↑ → 5 ↑ 5 ↑ → ↑ → → ↑ ↑ 5 → 5 5 ☒ < < ◉ ◩ ◉ ⊠ ◩ < ◩ ◩ ⊠ ☒ ☒ ◉ < ☒ ◉ < ⊠ ◉ ◩ M ⊠ ◉ Ⅱ	⊠ ⊠ ⊠
↑ ↑ 5 5 5 → ↑ 5 → ↑ 5 ↑ → → 5 ↑ 5 5 ↑ 5 → → 5 ↑ 5 ↑ ↑ → 5 → 5 → → 5 5 ↑ → ↑ 5 → → ↑ ↑ → ↑ 5 → ☒ ☒ Ⅱ M M ◩ < < < < ⊠ ◩ ☒ Ⅱ < ◉ ◩ ◉ ◩ Ⅱ < < ☒ Ⅱ ☒ ◩ M Ⅱ ☒ ⊠ Ⅱ
→ 5 ↑ → → 5 ↑ → 5 ↑ → ↑ → → → → → ↑ 5	5 5 → 5 ↑ →	5 5 5 ↑ → 5 → ↑ ↑ 5 5 5 → 5 5 ↑ → ↑	5 Ⅱ < ◩ ◉ ◉ ⊠ ⊠ Ⅱ ◩ M ☒ ☒ ⊠ ☒ ⊠ ⊠ ☒ < ⊠ Ⅱ ☒ < ☒ M ☒ M Ⅱ M ◩ < ◩
∞ ∞ − < ∞ − − − − − 7 M − < − M 7 7 ∞ M < − M M − M − < 7 < < − 7 < − 7 7 <	7 − < M M Ꙩ ◩ ☒ M Ꙩ Ꙩ M Ꙩ △ ☒ △ M ☒ ☒ Ꙩ M ☒ ◩ ◩ ◩ ☒ M Ꙩ M Ꙩ △ M M M Ꙩ
M ∞ < ∞ < ∞ < − − − − < − M < < 7	7 − < 7 ∞ − − M < < M ∞ < 7 < ∞ 7 − ∞ ∞ M − M M Ꙩ △ ◩ ☒ < △ △ ☒ ◩ Ꙩ ◩ M ☒ ◩ < ◩ M M ☒ ◩ ☒ Ꙩ Ꙩ < ◩ < M Ꙩ M Ꙩ △ △
− M M < ∞ − 7 M < − M 7 − < < M ∞ − 7 M < − ∞ < − − ∞ < − M M 7 7 ∞ ∞ ∞ M < M 7 ∞ Ꙩ ☒ Ꙩ ◩ ☒ Ꙩ △ △ △ ☒ < M < < ☒ ◩ < < ☒ < ☒ M ☒ △ ☒ < △ < < △ ☒ ☒ △ < ◩ <
∞ ∞ ∞ M ∞ < ∞ − < 7 M < < < 7 M < − ∞ 7 M < − ∞ − 7 − < < − < 7 7 ∞ M ∞ < < < < ☒ △ ☒ M M M < Ꙩ △ ☒ ☒ Ꙩ ◩ < ◩ M ◩ M	☒ △ M ◩ < M M Ꙩ ☒ Ꙩ ☒ ☒ M △ < ◩
7 7 7 M < M	7 M <	7 ∞ < − < − M 7 M − − < ∞ − ∞ 7	< M ∞ 7 ∞ ∞ − M < 7 M − < ◩ ◩ ◩ △ △ < ☒ ☒ ☒ △ M ◩ ☒ Ꙩ < ☒ ☒ △ ☒ △ ◩ < < △ ◩ ◩ Ꙩ △ ◩ < Ꙩ < M ◩ ◩
− − < < 7 7 < ∞ 7 M < ∞ − 7	∞ < M < < − ∞ 7 ∞ < 7 M − − ∞ M 7 M ∞ M 7	− < 7 < ☒ < < M ☒ Ꙩ ☒ △ Ꙩ M < Ꙩ Ꙩ ◩ △ △ ☒ < M < < ◩ ☒ ◩ △ △ △ △ ☒ Ꙩ M △ <
∞ < − ∞ < M < 7 7 M 7 7 7 < < < < 7 ∞ < ∞ < < < < < ∞ ∞ 7 − M − M < − ∞ ∞ < ∞ < M △ △ < <	◩ Ꙩ Ꙩ △ < M ☒ < △ △ ◩ ◩ △ < < < △	Ꙩ M M M M ◩ Ꙩ Ꙩ Ꙩ <
7 M < − < 7 7 7 M − 7 7 ∞ < < − ∞ < ∞ − 7 − ∞ 7 M − M M − −	7 − ∞ ∞ M − 7 7 − ∞ ∞ ◩ ☒ ☒ ☒ < < M M ☒ △ Ꙩ ☒ ◩ ☒ M M ◩ △ ☒ ☒ < ☒ < ☒ ☒ M △ ☒ ◩ M < < M ◩ M <
< ∞ ∞ M ∞ − ∞ ∞ M ∞ M < 7 M 7 < ∞ ∞ < M ∞ 7 7 M M M ∞ < < M < M	7 ∞ M 7 − < 7 M ∞ △ △ ◩ △ Ꙩ △ Ꙩ	< ☒ M ☒ △ △ Ꙩ M ☒ M ◩ M Ꙩ ◩ Ꙩ M M M < < △ < Ꙩ < ☒ △ ◩
< < 7 ∞ 7 − < M < M < 7 M ∞ − − ∞ ∞ ∞ < ∞ M < ∞ − 7 7 ∞ M ∞ − < M 7 M < < 7 < △ Ꙩ △ △ ◩ ☒ M △ ◩ ☒ △ △ < Ꙩ M M < Ꙩ Ꙩ △ Ꙩ Ꙩ ☒ < Ꙩ ◩ < ☒ M ◩ Ꙩ △ ☒
∞ ∞ − − M M ∞ M − 7 ∞ M ∞ < < 7 ∞ ∞ − 7 − − 7 M 7 M < M M ∞ M < 7 − − ∞ − ∞ ∞ M 7 7 M △ Ꙩ M ☒ < △ △ M M ◩ △ M △ M < Ꙩ M ☒ M ☒ < ◩ ☒ △ Ꙩ Ꙩ ☒ ☒ △ M Ꙩ	Ꙩ M ☒ ◩
7 − ∞ 7 M 7 M − < ∞ 7 ∞ − 7 7 − ∞ 7 − M 7 < ∞ − ∞ M < < ∞ < M 7 7 M − 7 7 7 M − 7 △ < M △ ☒ ☒ < < Ꙩ Ꙩ △ ☒ < △ △ △ △ ☒ < < △ ☒ M < M △ Ꙩ ◩ M M ☒ △ < Ꙩ < Ꙩ <
7 7 ∞ 7 < < ∞ 7	M < 7 ∞ 7 7 − < < 7 M ∞ ∞ M 7	7 − 7 M < < < < M < < M ∞ − ∞ M ☒ < < Ꙩ M ☒ ◩ Ꙩ < < M △ △ < △ < ◩ Ꙩ M △ Ꙩ M < M △ < ☒ Ꙩ < Ꙩ M ☒ M ◩ M
M − 7 < M ∞ < 7 7 − < − 7 M − ∞ − ∞ 7 − − ∞ 7 − M − < < M ∞ 7 M M − ∞ 7 − − ∞ ∞ ☒ < Ꙩ M M < M △ Ꙩ M M ◩ ◩ ☒ M Ꙩ M Ꙩ M Ꙩ < ◩ ☒ △ ☒ △ ☒ ☒ ☒ △ Ꙩ <
− 7 M − ∞ M − M 7 < 7 − − ∞ < M − ∞ ∞ 7 < − ∞ ∞ − < − − M M ∞ < ∞ 7 − 7 7 − 7 − 7 < < ◩ Ꙩ Ꙩ △ ◩ ☒ △ ☒ M ◩ < < ◩ M M ☒ Ꙩ < ☒ < M < M M < ◩ ☒ ☒ M ☒ △ M ☒
< ∞ − 7 7 − − − 7 M ∞ 7 < 7 7 ∞ < < M < < < M − < 7 M M 7 − M − < − 7 < < ∞ 7 < ∞ ☒ △ ☒ △ M ☒ Ꙩ ◩ △ < ◩ ☒ Ꙩ △ < M ☒ ☒ ☒ < △ ◩ ◩ Ꙩ M ☒ Ꙩ < ◩ Ꙩ ☒ ◩ △ Ꙩ Ꙩ M Ꙩ
− ∞ < < 7 7 M ∞ ∞ < − ∞ − < − − M M 7 7 ∞ < ∞ < 7 − ∞ < M ∞ − 7 M − < 7 7 ∞ − M 7 − △ △ Ꙩ < ◩ △ ◩ ◩ < ☒ Ꙩ M △ ☒ ☒ Ꙩ △ Ꙩ < △ < ◩ ☒ M △	Ꙩ ☒ △ ◩ < ☒ < ☒ ◩ ◩ <
M ∞ M 7 7 ∞ 7 M 7 M 7 ∞ 7 − − − − − M − 7 ∞ 7 ∞ − M 7 − − < − M − − M < − 7 ∞ − 7 < M △ ◩ M △ ☒ < M Ꙩ < Ꙩ ☒ < < △	Ꙩ M △ Ꙩ ◩ ◩ < Ꙩ ◩ △ < Ꙩ ◩ △ ◩ ◩ ☒ Ꙩ Ꙩ ◩
< M ∞ 7 ∞ < 7 − 7 < M 7 M − < ∞ < 7 7 < 7 ∞ ∞ 7 M 7 M ∞ − − − < ∞ 7 − − 7 M 7 M 7 < M ☒ < < < ☒ < Ꙩ △ △ △ < < ☒ Ꙩ < ◩ △ ☒ △ ☒ M M ☒ Ꙩ △ Ꙩ ◩ ◩ △ Ꙩ M △ M ◩ ☒ <
< < − 7 < − − − − ∞ < M 7 7 − 7 ∞ − − ∞ ∞ 7 < ∞ ∞ M < ∞ 7 7 7 ∞ ∞ ∞ 7 M − M < − − ◩ Ꙩ ◩ △ M Ꙩ M Ꙩ M ◩ Ꙩ M M Ꙩ M Ꙩ Ꙩ	△ ◩ ◩ M ☒ ◩ < ◩ ◩ < ☒ △ M < < ☒ M
∞ ∞ 7 7 M	7 − ∞ ∞ 7	< ∞ ∞ − − ∞ ∞ ∞ < ∞ −	7 < < 7 − 7 7 < − 7 − − − − < 7 M △ ☒ △ ◩ △ △ Ꙩ Ꙩ M ◩ Ꙩ △ M Ꙩ M M ☒ ☒ △ M < M ☒ △ △ Ꙩ ◩ △ △ < ◩ < ☒ M <
M 7 − M ∞ − ∞ < M < ∞ M M 7 < − 7 M − M − − 7 < ∞ − − M ∞ ∞ 7 − ∞ < < M 7 ∞ − < ∞ ∞ < Ꙩ < △ M △ M < ◩ ◩ M < < < △ M ◩ ☒ ☒ M ☒ ◩ Ꙩ ◩ ☒ ◩ △ ☒ M M ☒ < Ꙩ Ꙩ Ꙩ ◩
∞ M ∞ ∞ M − M < − < 7 < 7 − 7 − 7 ∞ 7 − < ∞ M < − ∞ < M < ∞ 7 − M M − M 7 M ∞ < ∞ < ◩ ◩ < M Ꙩ Ꙩ ☒ M M M ☒ M Ꙩ ◩ ☒ ☒ △ < Ꙩ △ △ ◩ △ < M < M M Ꙩ ☒ Ꙩ △ △ Ꙩ
∞ − M M < 7 7 − 7 M − ∞ < < 7 M < M ∞ M M − M − − 7 ∞ < ∞ − < 7 ∞ 7 ∞ 7 M ∞ ∞ 7 7	< ☒ M M M ◩ Ꙩ M ☒ ☒ ◩ ☒ △ △ < < < < Ꙩ Ꙩ ☒ M Ꙩ ◩ M ☒ △ ◩ M ◩ △ △ ☒ M < △
∞ ∞ ∞ − M 7 M < M < ∞ ∞ ∞ ∞ < < − < < − M 7 − ∞ M 7 − < ∞ < 7 ∞ M ∞ ∞ − M − − △ ◩ △ < < ◩ < Ꙩ M < M ◩ ☒ ◩ M ◩ ☒ M ◩ M △ ☒ ◩ M ◩ △ < Ꙩ ◩ Ꙩ ☒ Ꙩ M M M M
< < ∞ ∞ − 7 < − 7 M 7 < < ∞ < − < M 7 7 < M M − 7 < M 7 − 7 7 M 7 ∞ 7 − M ∞ 7 M M M △ Ꙩ M M ◩ ◩ △ ☒ M M ☒ M < △ △ ◩ ☒ Ꙩ M ☒ < Ꙩ M Ꙩ M Ꙩ ◩ ◩ M Ꙩ ☒ M Ꙩ
∞ < M ∞ ∞ M ∞ ∞ − M ∞ − − − 7 ∞ < ∞ ∞ 7 7 M − − < 7 ∞ 7 M 7 7 − < < − − − − ∞ ◩ < M ◩ M ◩ M △ ☒ △ ☒ < ☒ M Ꙩ M ☒ Ꙩ ☒ ◩ < ☒ ◩ ☒ Ꙩ M △ < M < ◩ △ ◩ ☒ △ ◩ △
− 7 ∞ M < − − M − ∞ < ∞ 7 < ∞ ∞ ∞ − M ∞ − 7 M M M 7 7 ∞ − ∞ M 7 7 < 7 M < 7 < 7 M ∞ M Ꙩ M ◩	△ ◩ < Ꙩ < △ ☒ △ M ☒ < M △ M ◩ ☒ M ◩ M Ꙩ ◩ △ ◩ ◩ Ꙩ Ꙩ M ☒ Ꙩ
< M ∞ 7 ∞ M M M 7 7 M < 7 ∞ 7 M − ∞ 7 < 7 − < 7 ∞ M − ∞ ∞ < < 7 M < 7 7 M M − 7 M < < △ △ < M △ M Ꙩ M M △ M Ꙩ M < ◩ M M < < ◩ △ Ꙩ	Ꙩ Ꙩ Ꙩ ☒ ☒ △ ◩ ☒ < Ꙩ
− − 7 < − < 7 ∞ M 7 ∞ 7 − < 7 M ∞ M < ∞ − ∞ 7 7 − − ∞ M < −	7 M < 7 < < ∞ M M < ☒ Ꙩ Ꙩ Ꙩ M < △ Ꙩ Ꙩ < Ꙩ △ M △ Ꙩ ☒ ◩ △ △ M M △ M Ꙩ M < △ ☒ Ꙩ ◩ < M M △ Ꙩ M
300	310	320	330	340	350	360	370
110
120
130
140
150
160
170
180
190
200
210
(17)	(18)
